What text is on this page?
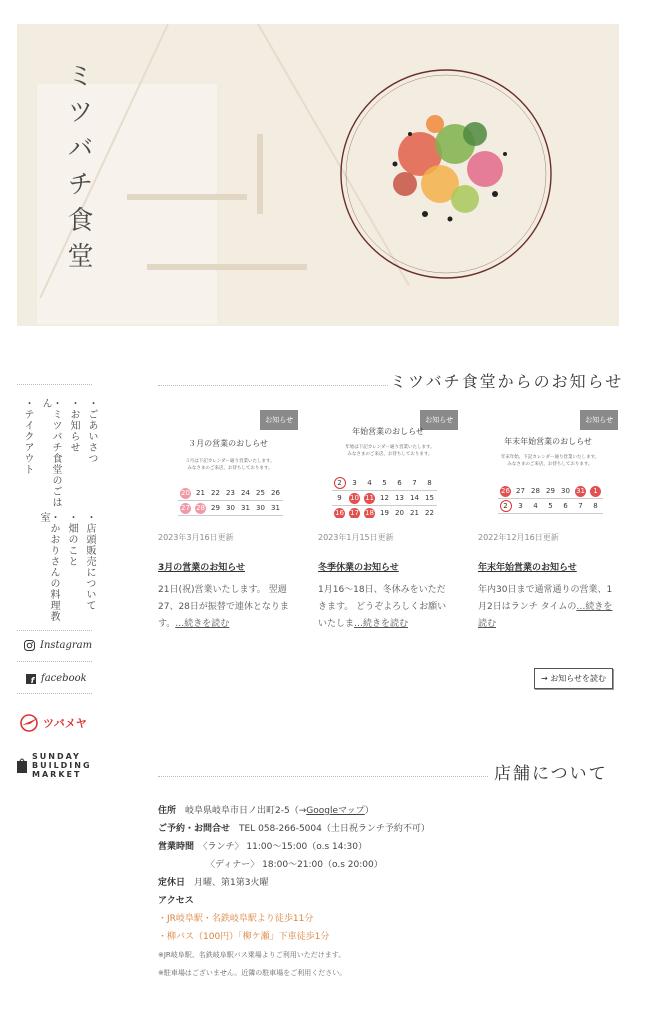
ミツバチ食堂
・ごあいさつ
・お知らせ
・ミツバチ食堂のごはん
・テイクアウト
・店頭販売について
・畑のこと
・かおりさんの料理教室
Instagram
f facebook
ツバメヤ
SUNDAY
BUILDING
MARKET
ミツバチ食堂からのお知らせ
お知らせ
３月の営業のおしらせ
３月は下記カレンダー通り営業いたします。
みなさまのご来店、お待ちしております。
20	21	22	23	24	25	26
27	28	29	30	31	30	31
2023年3月16日更新
3月の営業のお知らせ
21日(祝)営業いたします。 翌週27、28日が振替で連休となります。…続きを読む
お知らせ
年始営業のおしらせ
年始は下記カレンダー通り営業いたします。
みなさまのご来店、お待ちしております。
2	3	4	5	6	7	8
9	10	11	12	13	14	15
16	17	18	19	20	21	22
2023年1月15日更新
冬季休業のお知らせ
1月16〜18日、冬休みをいただきます。 どうぞよろしくお願いいたしま…続きを読む
お知らせ
年末年始営業のおしらせ
年末年始、下記カレンダー通り営業いたします。
みなさまのご来店、お待ちしております。
26	27	28	29	30	31	1
2	3	4	5	6	7	8
2022年12月16日更新
年末年始営業のお知らせ
年内30日まで通常通りの営業、1月2日はランチ タイムの…続きを読む
→ お知らせを読む
店舗について
住所　 岐阜県岐阜市日ノ出町2-5（→Googleマップ）
ご予約・お問合せ　 TEL 058-266-5004（土日祝ランチ予約不可）
営業時間　 〈ランチ〉 11:00〜15:00（o.s 14:30）
〈ディナー〉 18:00〜21:00（o.s 20:00）
定休日　 月曜、第1第3火曜
アクセス
・JR岐阜駅・名鉄岐阜駅より徒歩11分
・柳バス（100円）「柳ケ瀬」下車徒歩1分
※JR岐阜駅、名鉄岐阜駅バス乗場よりご利用いただけます。
※駐車場はございません。近隣の駐車場をご利用ください。
